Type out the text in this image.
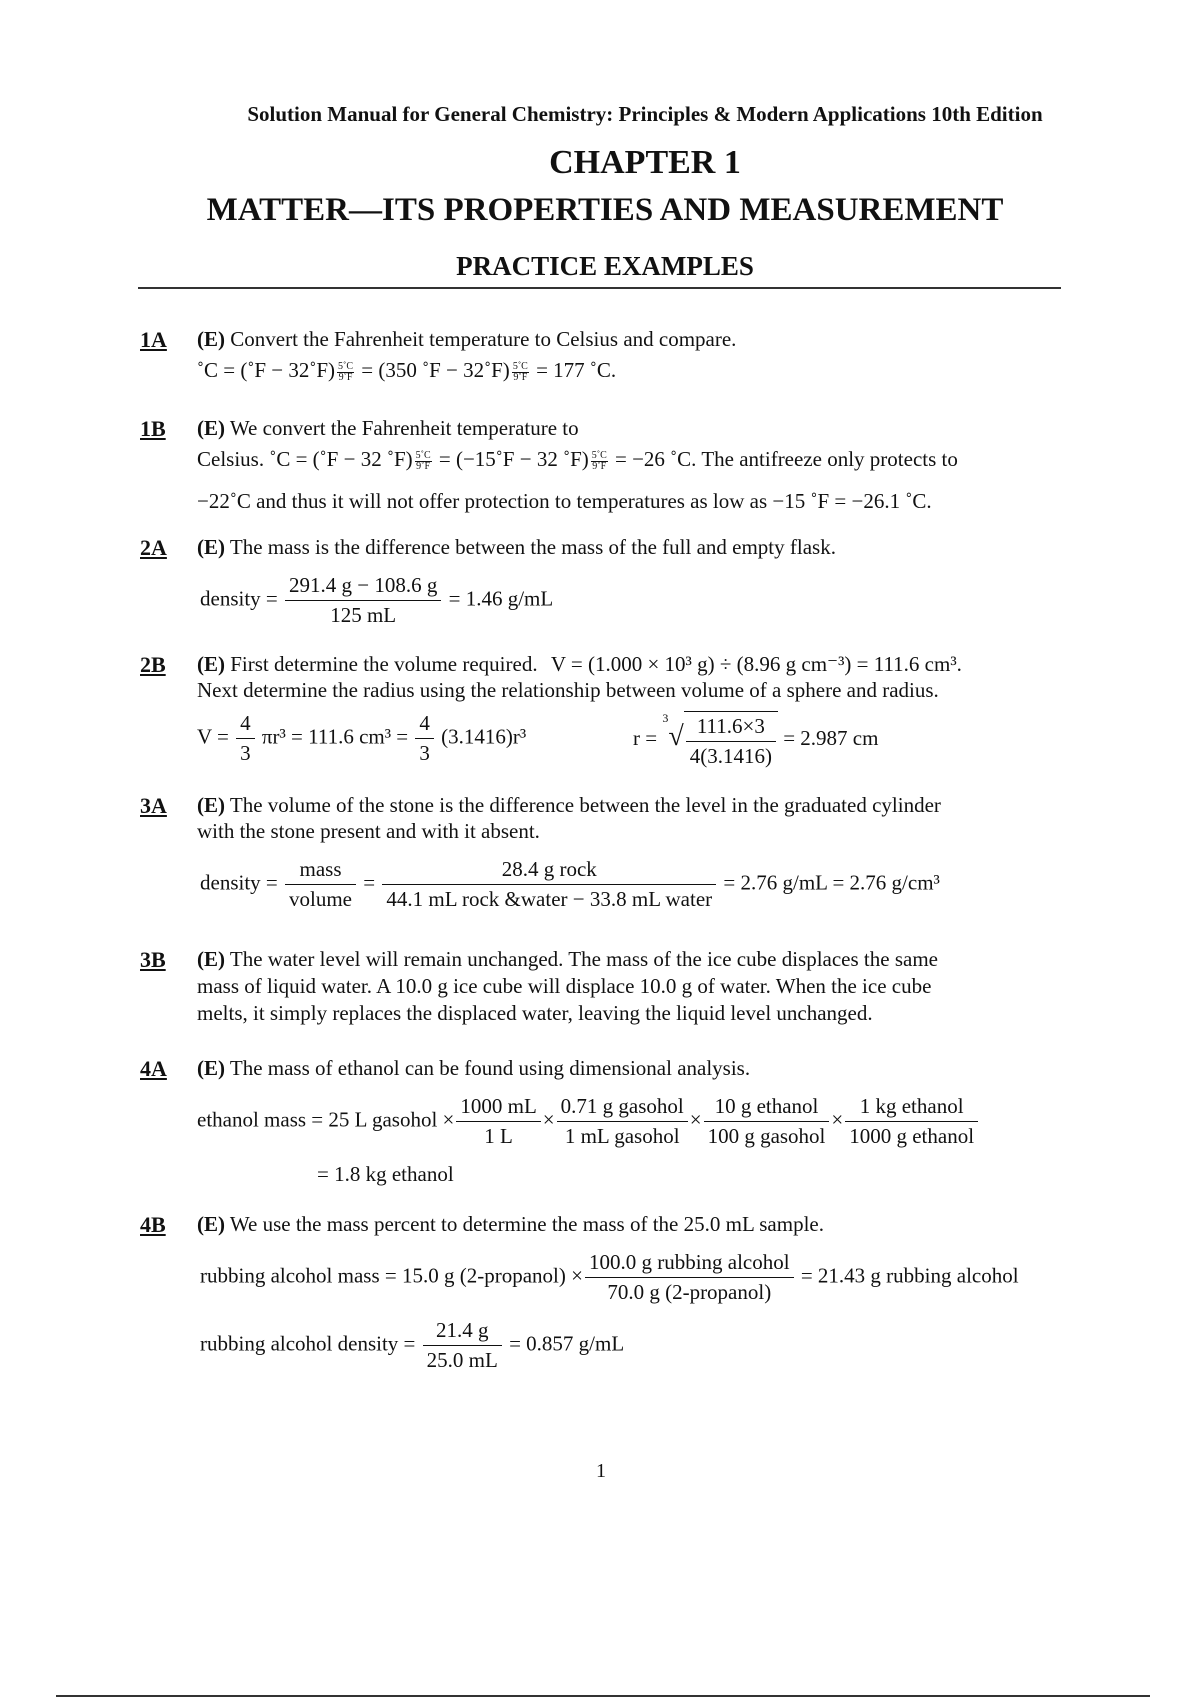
Solution Manual for General Chemistry: Principles & Modern Applications 10th Edition
CHAPTER 1
MATTER—ITS PROPERTIES AND MEASUREMENT
PRACTICE EXAMPLES
1A (E) Convert the Fahrenheit temperature to Celsius and compare.
˚C = (˚F − 32˚F) $\frac{5˚C}{9˚F} = (350$ ˚F − 32˚F) $\frac{5˚C}{9˚F} = 177$ ˚C.
1B (E) We convert the Fahrenheit temperature to
Celsius. ˚C = (˚F − 32 ˚F) $\frac{5˚C}{9˚F}$ = (−15˚F − 32 ˚F) $\frac{5˚C}{9˚F} = -26$ ˚C. The antifreeze only protects to
−22˚C and thus it will not offer protection to temperatures as low as −15 ˚F = −26.1 ˚C.
2A (E) The mass is the difference between the mass of the full and empty flask.
density = $\frac{291.4 g - 108.6 g}{125 mL} = 1.46$ g/mL
2B (E) First determine the volume required. V = (1.000 × 10³ g) ÷ (8.96 g cm⁻³) = 111.6 cm³.
Next determine the radius using the relationship between volume of a sphere and radius.
$V = \frac{4}{3} \pi r^3 = 111.6$ $cm^3 = \frac{4}{3} (3.1416)r^3$	$r = ^3√ \frac{111.6\times 3}{4(3.1416)} = 2.987$ cm
3A (E) The volume of the stone is the difference between the level in the graduated cylinder
with the stone present and with it absent.
density = $\frac{\text{mass}}{\text{volume}} = \frac{\text{28.4 g rock}}{\text{44.1 mL rock \&water − 33.8 mL water}} = 2.76$ g/mL = 2.76 g/cm³
3B (E) The water level will remain unchanged. The mass of the ice cube displaces the same
mass of liquid water. A 10.0 g ice cube will displace 10.0 g of water. When the ice cube
melts, it simply replaces the displaced water, leaving the liquid level unchanged.
4A (E) The mass of ethanol can be found using dimensional analysis.
ethanol mass = 25 L gasohol × $\frac{1000 mL}{1 L} \times \frac{\text{0.71 g gasohol}}{\text{1 mL gasohol}} \times \frac{\text{10 g ethanol}}{\text{100 g gasohol}} \times \frac{\text{1 kg ethanol}}{\text{1000 g ethanol}}$
= 1.8 kg ethanol
4B (E) We use the mass percent to determine the mass of the 25.0 mL sample.
rubbing alcohol mass = 15.0 g (2-propanol) × $\frac{\text{100.0 g rubbing alcohol}}{\text{70.0 g (2-propanol)}} = 21.43$ g rubbing alcohol
rubbing alcohol density = $\frac{21.4 g}{25.0 mL} = 0.857$ g/mL
1
